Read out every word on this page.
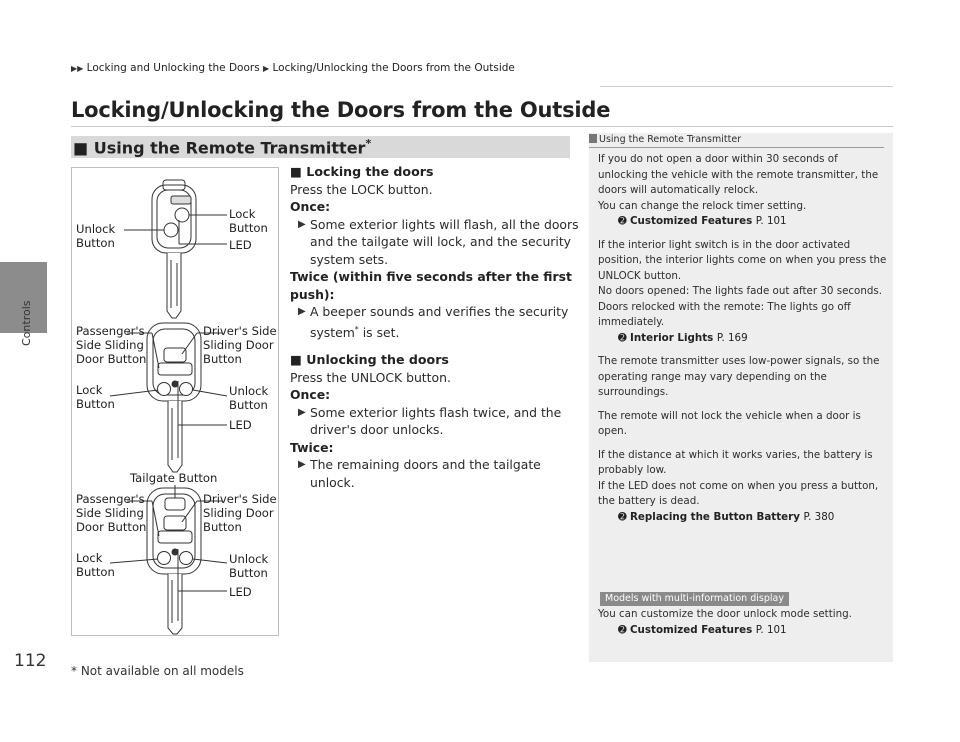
Controls
112
▶▶ Locking and Unlocking the Doors ▶ Locking/Unlocking the Doors from the Outside
Locking/Unlocking the Doors from the Outside
■ Using the Remote Transmitter*
Unlock
Button
Lock
Button
LED
Passenger's
Side Sliding
Door Button
Driver's Side
Sliding Door
Button
Lock
Button
Unlock
Button
LED
Tailgate Button
Passenger's
Side Sliding
Door Button
Driver's Side
Sliding Door
Button
Lock
Button
Unlock
Button
LED
■ Locking the doors
Press the LOCK button.
Once:
▶ Some exterior lights will flash, all the doors and the tailgate will lock, and the security system sets.
Twice (within five seconds after the first push):
▶ A beeper sounds and verifies the security system* is set.
■ Unlocking the doors
Press the UNLOCK button.
Once:
▶ Some exterior lights flash twice, and the driver's door unlocks.
Twice:
▶ The remaining doors and the tailgate unlock.
Using the Remote Transmitter
If you do not open a door within 30 seconds of unlocking the vehicle with the remote transmitter, the doors will automatically relock.
You can change the relock timer setting.
➋ Customized Features P. 101
If the interior light switch is in the door activated position, the interior lights come on when you press the UNLOCK button.
No doors opened: The lights fade out after 30 seconds.
Doors relocked with the remote: The lights go off immediately.
➋ Interior Lights P. 169
The remote transmitter uses low-power signals, so the operating range may vary depending on the surroundings.
The remote will not lock the vehicle when a door is open.
If the distance at which it works varies, the battery is probably low.
If the LED does not come on when you press a button, the battery is dead.
➋ Replacing the Button Battery P. 380
Models with multi-information display
You can customize the door unlock mode setting.
➋ Customized Features P. 101
* Not available on all models
